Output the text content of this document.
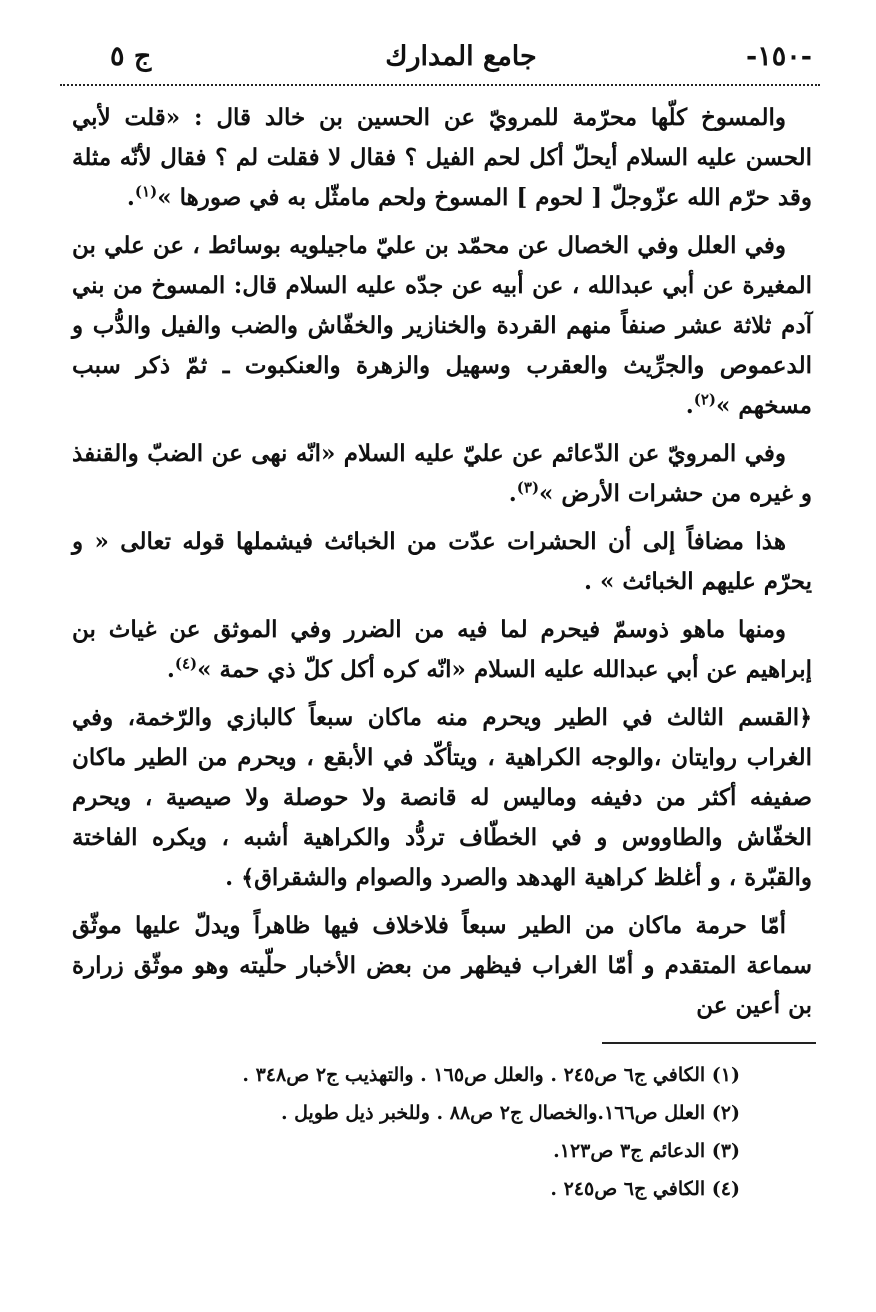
ج ٥	جامع المدارك	-١٥٠-

والمسوخ كلّها محرّمة للمرويّ عن الحسين بن خالد قال : «قلت لأبي الحسن عليه السلام أيحلّ أكل لحم الفيل ؟ فقال لا فقلت لم ؟ فقال لأنّه مثلة وقد حرّم الله عزّوجلّ [ لحوم ] المسوخ ولحم مامثّل به في صورها »$^{(١)}$.

وفي العلل وفي الخصال عن محمّد بن عليّ ماجيلويه بوسائط ، عن علي بن المغيرة عن أبي عبدالله ، عن أبيه عن جدّه عليه السلام قال: المسوخ من بني آدم ثلاثة عشر صنفاً منهم القردة والخنازير والخفّاش والضب والفيل والدُّب و الدعموص والجرِّيث والعقرب وسهيل والزهرة والعنكبوت ـ ثمّ ذكر سبب مسخهم »$^{(٢)}$.

وفي المرويّ عن الدّعائم عن عليّ عليه السلام «انّه نهى عن الضبّ والقنفذ و غيره من حشرات الأرض »$^{(٣)}$.

هذا مضافاً إلى أن الحشرات عدّت من الخبائث فيشملها قوله تعالى « و يحرّم عليهم الخبائث » .

ومنها ماهو ذوسمّ فيحرم لما فيه من الضرر وفي الموثق عن غياث بن إبراهيم عن أبي عبدالله عليه السلام «انّه كره أكل كلّ ذي حمة »$^{(٤)}$.

﴿القسم الثالث في الطير ويحرم منه ماكان سبعاً كالبازي والرّخمة، وفي الغراب روايتان ،والوجه الكراهية ، ويتأكّد في الأبقع ، ويحرم من الطير ماكان صفيفه أكثر من دفيفه وماليس له قانصة ولا حوصلة ولا صيصية ، ويحرم الخفّاش والطاووس و في الخطّاف تردُّد والكراهية أشبه ، ويكره الفاختة والقبّرة ، و أغلظ كراهية الهدهد والصرد والصوام والشقراق﴾ .

أمّا حرمة ماكان من الطير سبعاً فلاخلاف فيها ظاهراً ويدلّ عليها موثّق سماعة المتقدم و أمّا الغراب فيظهر من بعض الأخبار حلّيته وهو موثّق زرارة بن أعين عن

(١) الكافي ج٦ ص٢٤٥ . والعلل ص١٦٥ . والتهذيب ج٢ ص٣٤٨ .
(٢) العلل ص١٦٦.والخصال ج٢ ص٨٨ . وللخبر ذيل طويل .
(٣) الدعائم ج٣ ص١٢٣.
(٤) الكافي ج٦ ص٢٤٥ .
